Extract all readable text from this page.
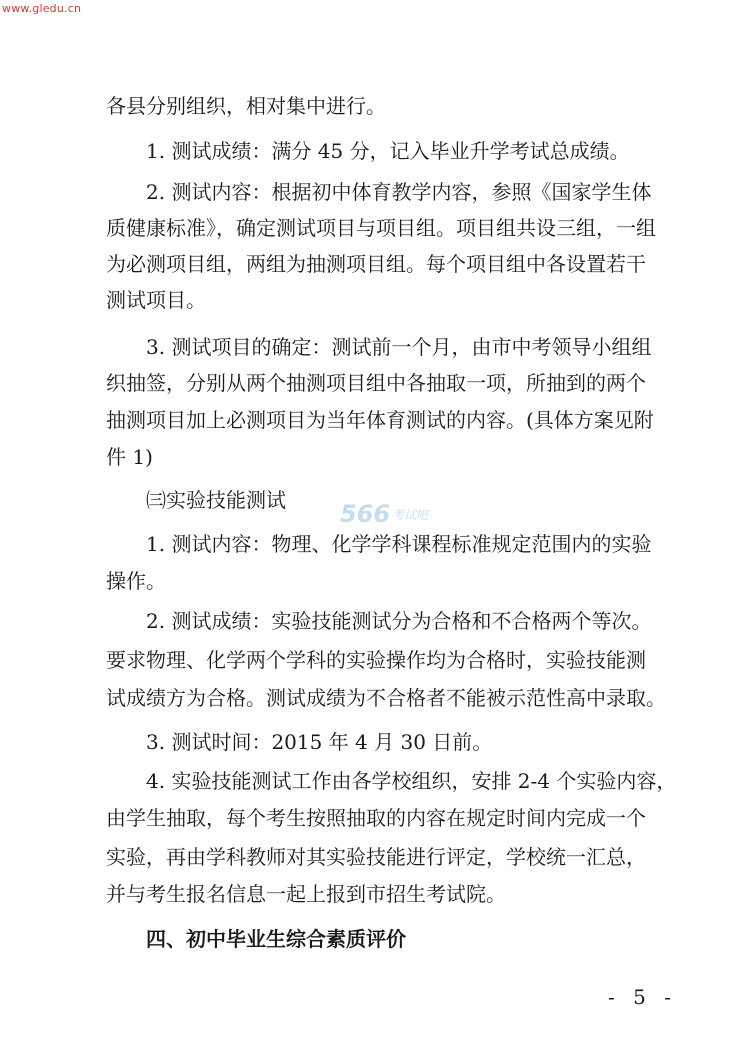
www.gledu.cn
566 考试吧
各县分别组织，相对集中进行。
1. 测试成绩：满分 45 分，记入毕业升学考试总成绩。
2. 测试内容：根据初中体育教学内容，参照《国家学生体
质健康标准》，确定测试项目与项目组。项目组共设三组，一组
为必测项目组，两组为抽测项目组。每个项目组中各设置若干
测试项目。
3. 测试项目的确定：测试前一个月，由市中考领导小组组
织抽签，分别从两个抽测项目组中各抽取一项，所抽到的两个
抽测项目加上必测项目为当年体育测试的内容。(具体方案见附
件 1)
㈢实验技能测试
1. 测试内容：物理、化学学科课程标准规定范围内的实验
操作。
2. 测试成绩：实验技能测试分为合格和不合格两个等次。
要求物理、化学两个学科的实验操作均为合格时，实验技能测
试成绩方为合格。测试成绩为不合格者不能被示范性高中录取。
3. 测试时间：2015 年 4 月 30 日前。
4. 实验技能测试工作由各学校组织，安排 2-4 个实验内容，
由学生抽取，每个考生按照抽取的内容在规定时间内完成一个
实验，再由学科教师对其实验技能进行评定，学校统一汇总，
并与考生报名信息一起上报到市招生考试院。
四、初中毕业生综合素质评价
- 5 -
